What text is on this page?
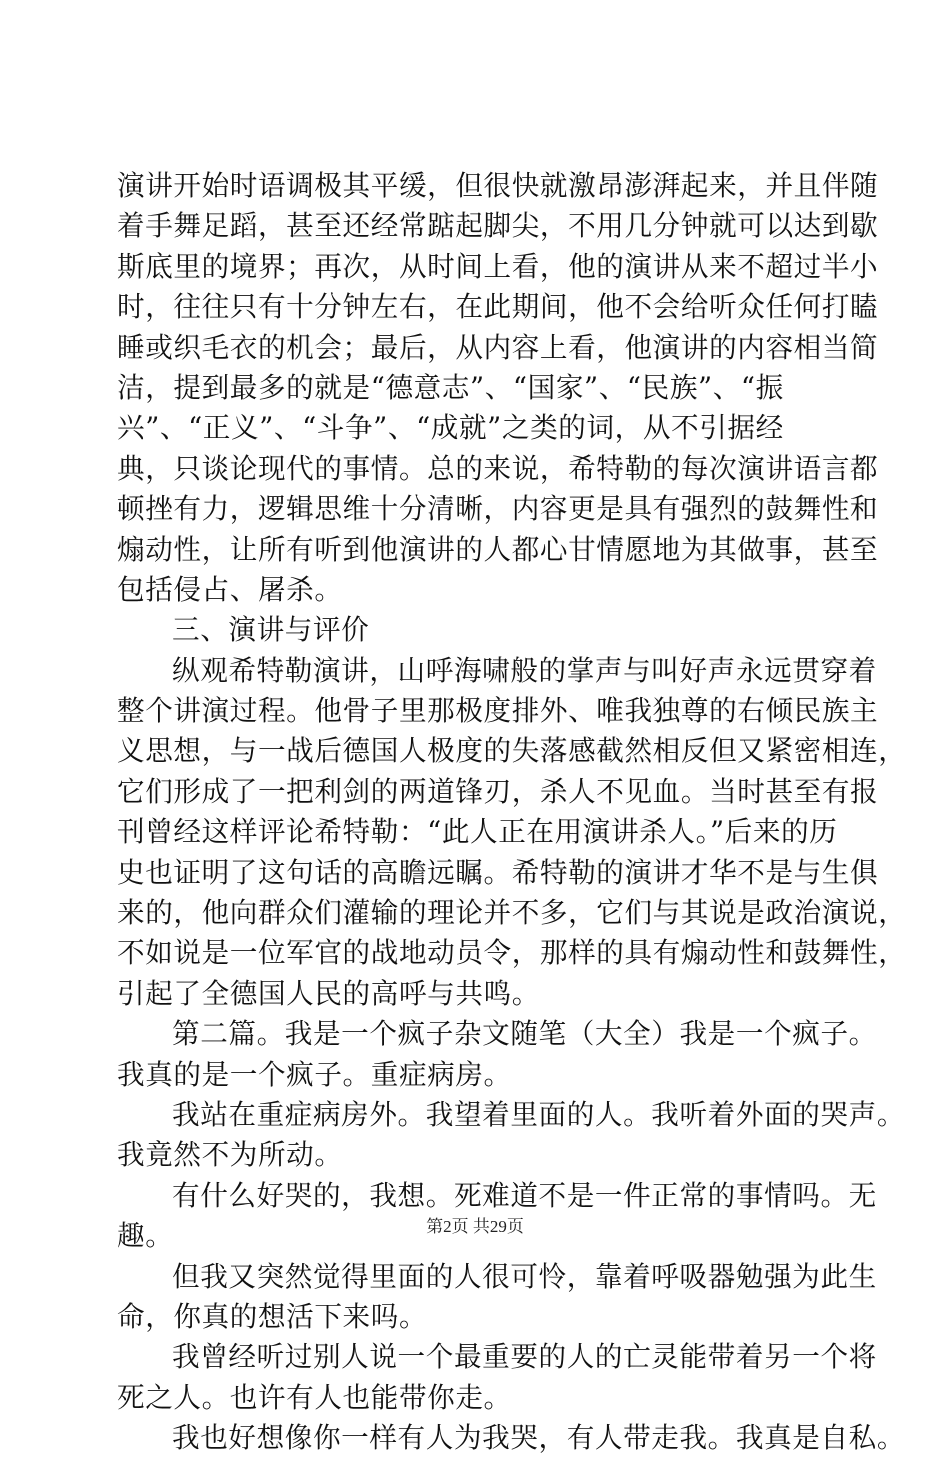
演讲开始时语调极其平缓，但很快就激昂澎湃起来，并且伴随
着手舞足蹈，甚至还经常踮起脚尖，不用几分钟就可以达到歇
斯底里的境界；再次，从时间上看，他的演讲从来不超过半小
时，往往只有十分钟左右，在此期间，他不会给听众任何打瞌
睡或织毛衣的机会；最后，从内容上看，他演讲的内容相当简
洁，提到最多的就是“德意志”、“国家”、“民族”、“振
兴”、“正义”、“斗争”、“成就”之类的词，从不引据经
典，只谈论现代的事情。总的来说，希特勒的每次演讲语言都
顿挫有力，逻辑思维十分清晰，内容更是具有强烈的鼓舞性和
煽动性，让所有听到他演讲的人都心甘情愿地为其做事，甚至
包括侵占、屠杀。
三、演讲与评价
纵观希特勒演讲，山呼海啸般的掌声与叫好声永远贯穿着
整个讲演过程。他骨子里那极度排外、唯我独尊的右倾民族主
义思想，与一战后德国人极度的失落感截然相反但又紧密相连，
它们形成了一把利剑的两道锋刃，杀人不见血。当时甚至有报
刊曾经这样评论希特勒：“此人正在用演讲杀人。”后来的历
史也证明了这句话的高瞻远瞩。希特勒的演讲才华不是与生俱
来的，他向群众们灌输的理论并不多，它们与其说是政治演说，
不如说是一位军官的战地动员令，那样的具有煽动性和鼓舞性，
引起了全德国人民的高呼与共鸣。
第二篇。我是一个疯子杂文随笔（大全）我是一个疯子。
我真的是一个疯子。重症病房。
我站在重症病房外。我望着里面的人。我听着外面的哭声。
我竟然不为所动。
有什么好哭的，我想。死难道不是一件正常的事情吗。无
趣。
但我又突然觉得里面的人很可怜，靠着呼吸器勉强为此生
命，你真的想活下来吗。
我曾经听过别人说一个最重要的人的亡灵能带着另一个将
死之人。也许有人也能带你走。
我也好想像你一样有人为我哭，有人带走我。我真是自私。
第2页 共29页
